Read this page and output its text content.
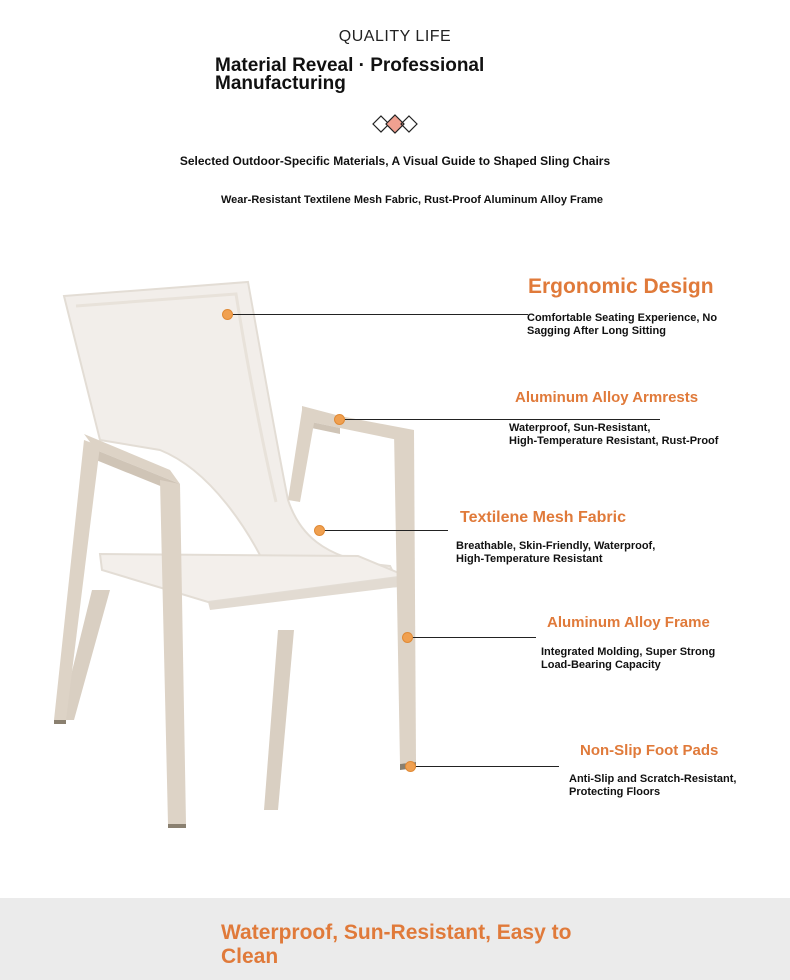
QUALITY LIFE
Material Reveal · Professional Manufacturing
Selected Outdoor-Specific Materials, A Visual Guide to Shaped Sling Chairs
Wear-Resistant Textilene Mesh Fabric, Rust-Proof Aluminum Alloy Frame
Ergonomic Design
Comfortable Seating Experience, No
Sagging After Long Sitting
Aluminum Alloy Armrests
Waterproof, Sun-Resistant,
High-Temperature Resistant, Rust-Proof
Textilene Mesh Fabric
Breathable, Skin-Friendly, Waterproof,
High-Temperature Resistant
Aluminum Alloy Frame
Integrated Molding, Super Strong
Load-Bearing Capacity
Non-Slip Foot Pads
Anti-Slip and Scratch-Resistant,
Protecting Floors
Waterproof, Sun-Resistant, Easy to Clean
